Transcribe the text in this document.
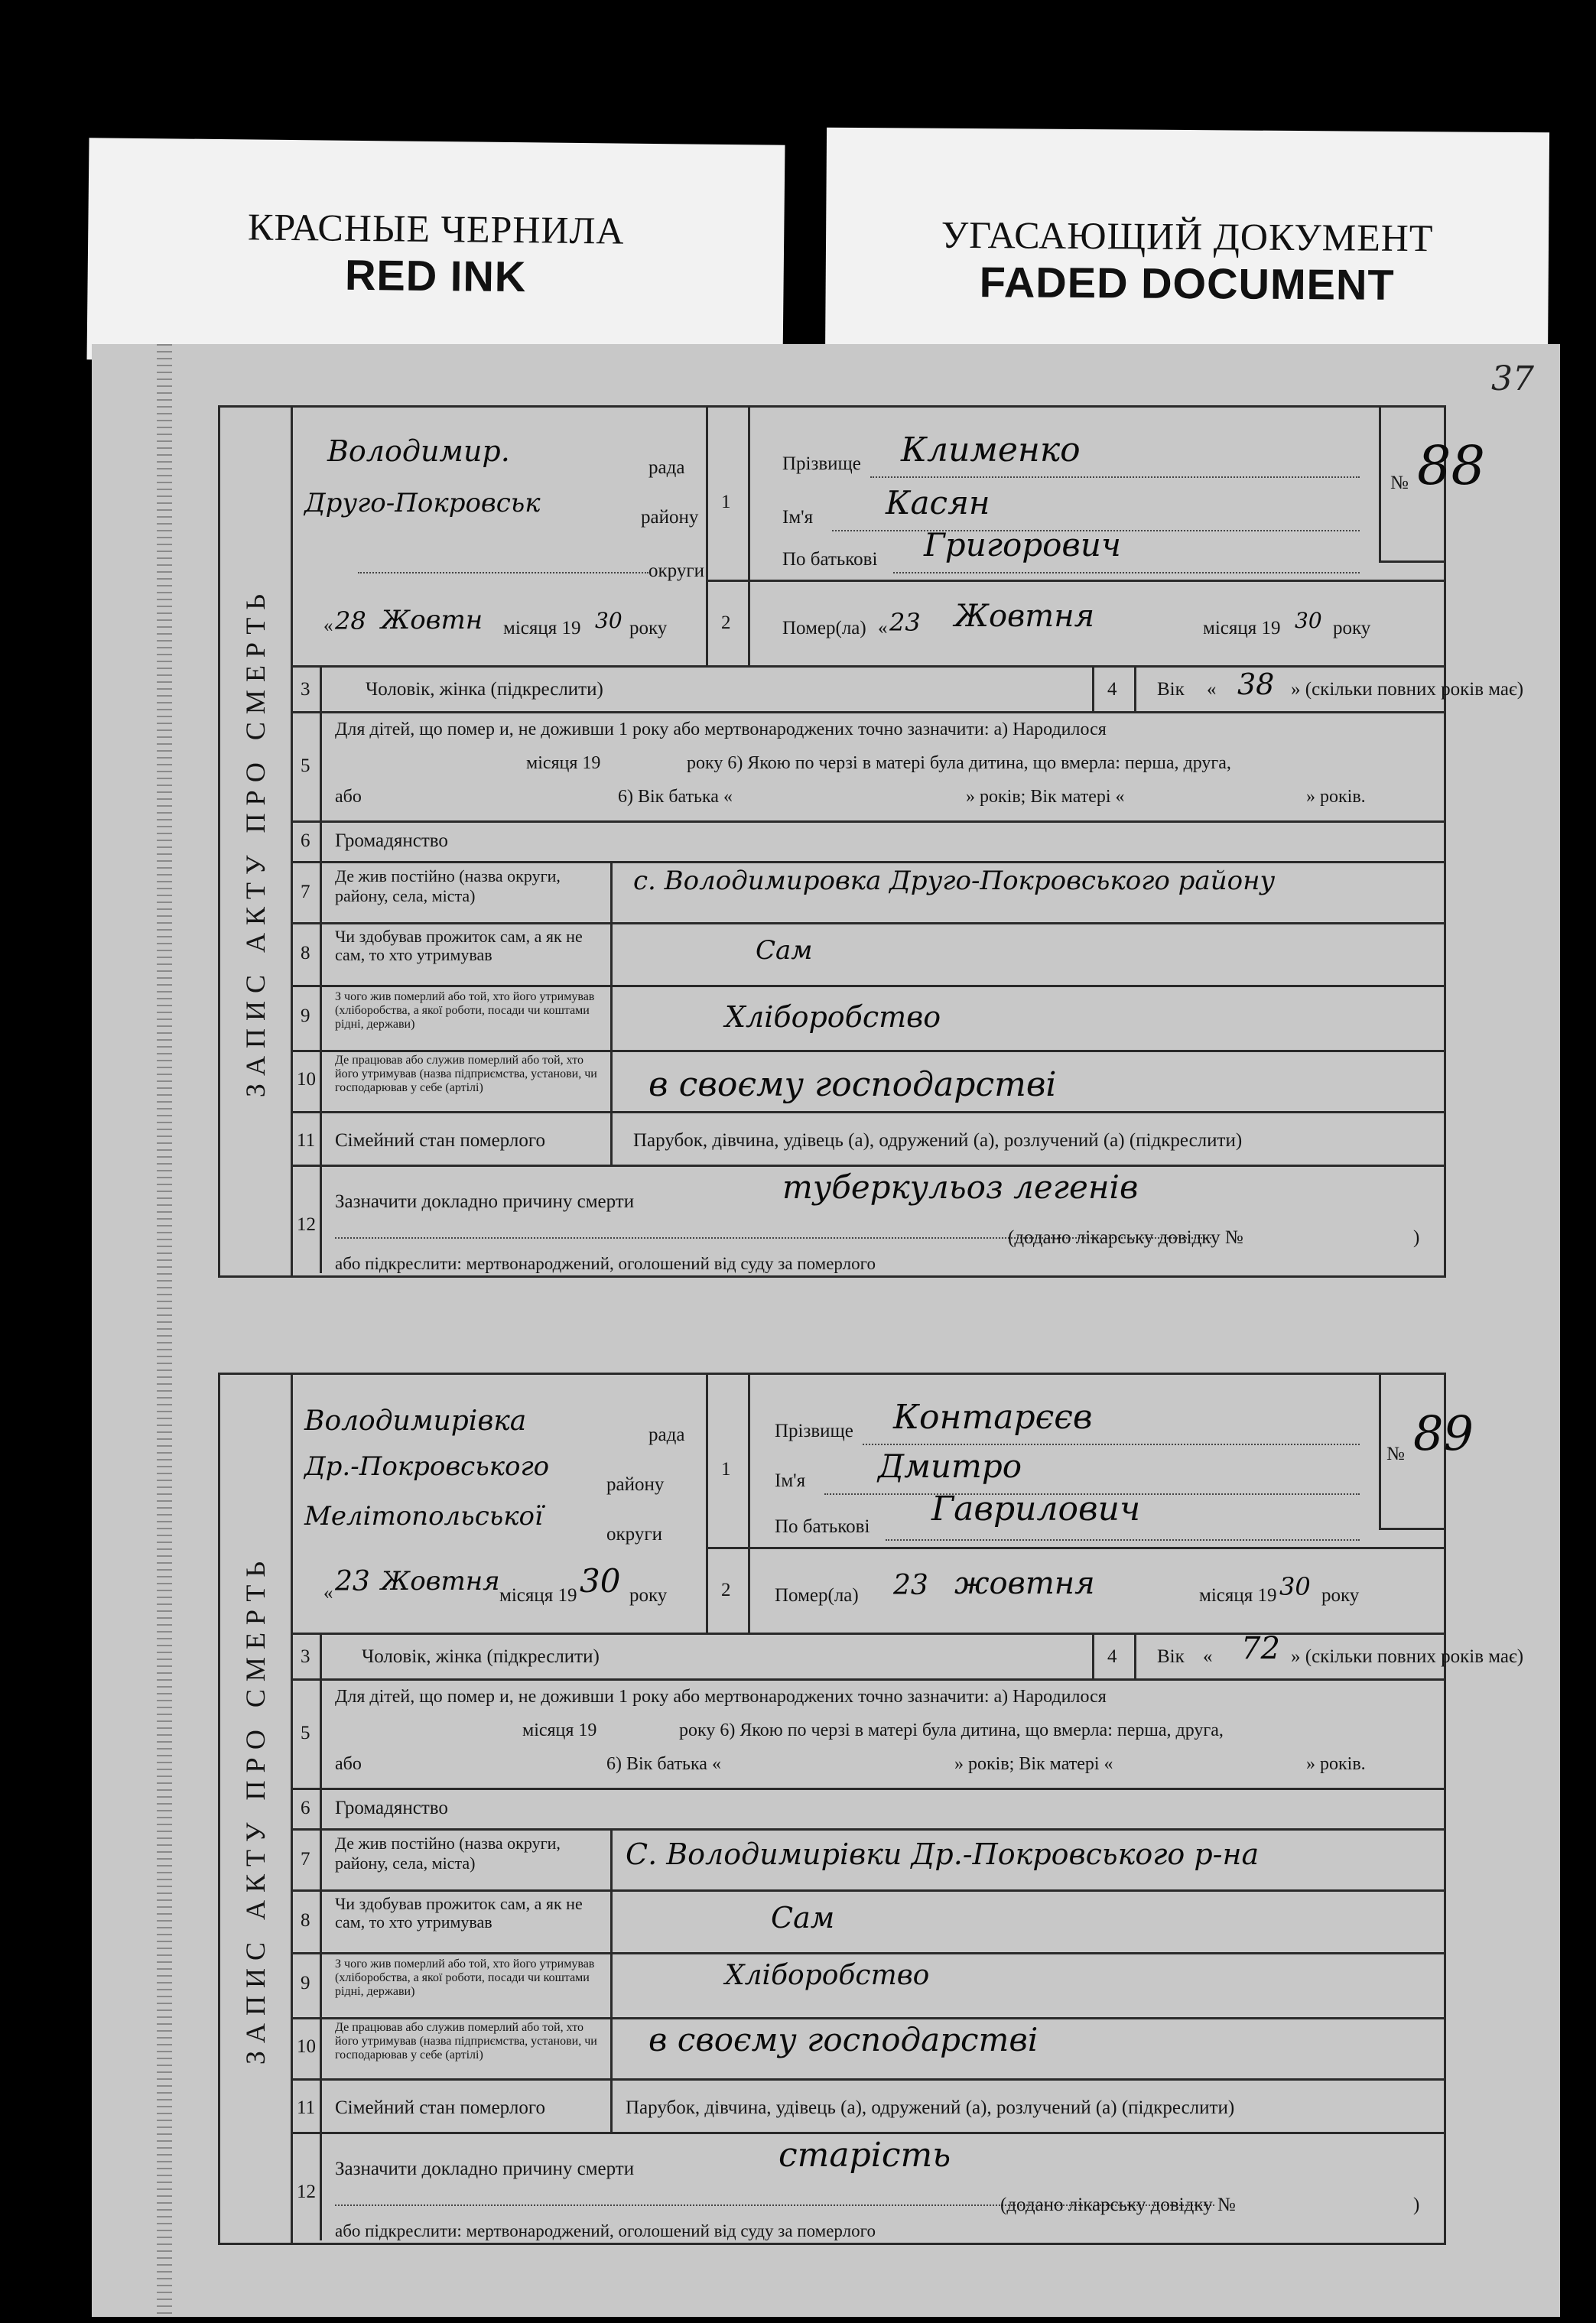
КРАСНЫЕ ЧЕРНИЛА
RED INK
УГАСАЮЩИЙ ДОКУМЕНТ
FADED DOCUMENT
37
ЗАПИС АКТУ ПРО СМЕРТЬ
Володимир.	рада
Друго-Покровськ	району
округи
« 28 Жовтн місяця 19 30 року
1
2
Прізвище Клименко
Ім'я Касян
По батькові Григорович
№ 88
Помер(ла) « 23 Жовтня	місяця 19 30 року
3	Чоловік, жінка (підкреслити)	4 Вік « 38 » (скільки повних років має)
5
Для дітей, що помер и, не доживши 1 року або мертвонароджених точно зазначити: а) Народилося
місяця 19	року 6) Якою по черзі в матері була дитина, що вмерла: перша, друга,
або	6) Вік батька «	» років; Вік матері «	» років.
6 Громадянство
7
Де жив постійно (назва округи, району, села, міста)	с. Володимировка Друго-Покровського району
8
Чи здобував прожиток сам, а як не сам, то хто утримував	Сам
9
З чого жив померлий або той, хто його утримував (хліборобства, а якої роботи, посади чи коштами рідні, держави)	Хліборобство
10
Де працював або служив померлий або той, хто його утримував (назва підприємства, установи, чи господарював у себе (артілі)	в своєму господарстві
11 Сімейний стан померлого	Парубок, дівчина, удівець (а), одружений (а), розлучений (а) (підкреслити)
12
Зазначити докладно причину смерти	туберкульоз легенів
(додано лікарську довідку №	)
або підкреслити: мертвонароджений, оголошений від суду за померлого
ЗАПИС АКТУ ПРО СМЕРТЬ
Володимирівка	рада
Др.-Покровського
району
Мелітопольської
округи
« 23 Жовтня місяця 19 30 року
1
2
Прізвище Контарєєв
Ім'я Дмитро
По батькові Гаврилович
№ 89
Помер(ла) 23 жовтня	місяця 19 30 року
3	Чоловік, жінка (підкреслити)	4 Вік « 72 » (скільки повних років має)
5
Для дітей, що помер и, не доживши 1 року або мертвонароджених точно зазначити: а) Народилося
місяця 19	року 6) Якою по черзі в матері була дитина, що вмерла: перша, друга,
або	6) Вік батька «	» років; Вік матері «	» років.
6 Громадянство
7
Де жив постійно (назва округи, району, села, міста)	С. Володимирівки Др.-Покровського р-на
8
Чи здобував прожиток сам, а як не сам, то хто утримував	Сам
9
З чого жив померлий або той, хто його утримував (хліборобства, а якої роботи, посади чи коштами рідні, держави)
Хліборобство
10
Де працював або служив померлий або той, хто його утримував (назва підприємства, установи, чи господарював у себе (артілі)	в своєму господарстві
11 Сімейний стан померлого	Парубок, дівчина, удівець (а), одружений (а), розлучений (а) (підкреслити)
12
Зазначити докладно причину смерти	старість
(додано лікарську довідку №	)
або підкреслити: мертвонароджений, оголошений від суду за померлого
